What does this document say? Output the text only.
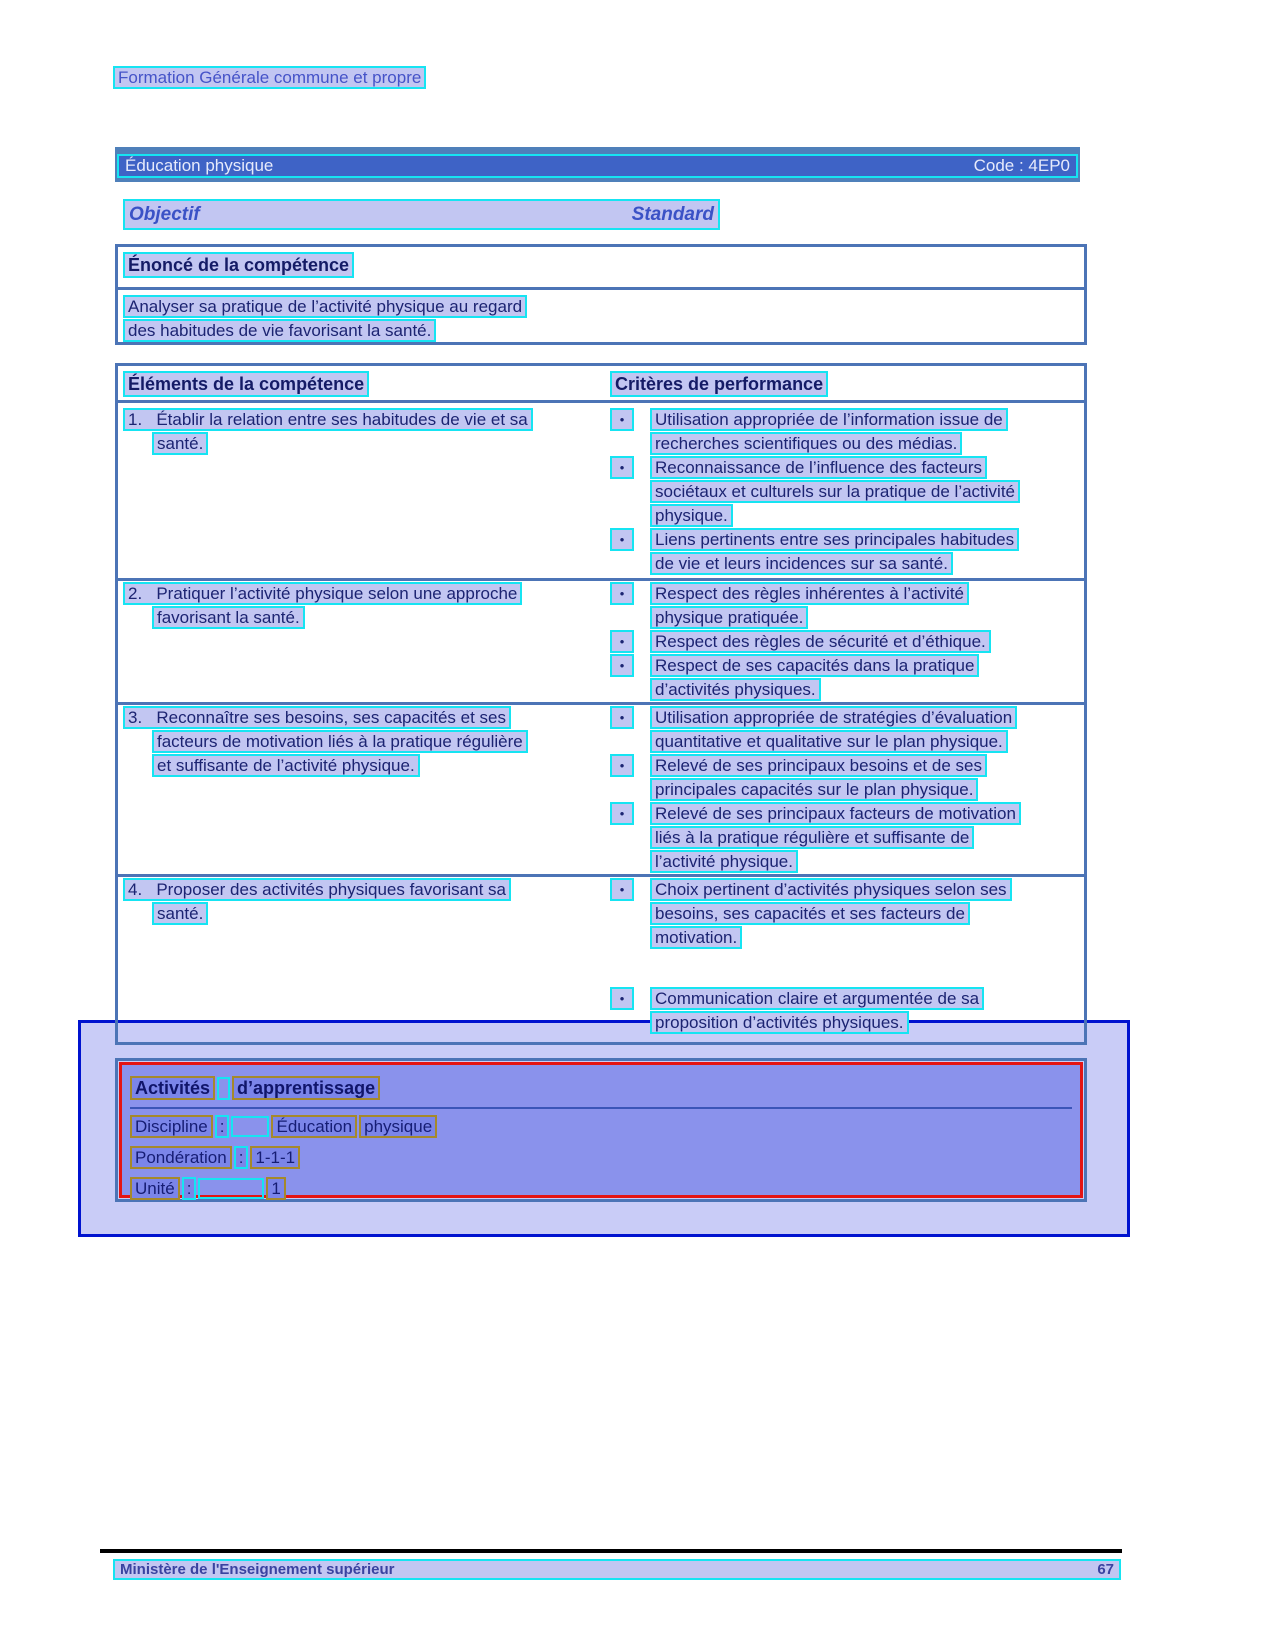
Formation Générale commune et propre
Éducation physique	Code : 4EP0
Objectif	Standard
Énoncé de la compétence
Analyser sa pratique de l’activité physique au regard
des habitudes de vie favorisant la santé.
Éléments de la compétence	Critères de performance
1.   Établir la relation entre ses habitudes de vie et sa
santé.
•	Utilisation appropriée de l’information issue de
recherches scientifiques ou des médias.
•	Reconnaissance de l’influence des facteurs
sociétaux et culturels sur la pratique de l’activité
physique.
•	Liens pertinents entre ses principales habitudes
de vie et leurs incidences sur sa santé.
2.   Pratiquer l’activité physique selon une approche
favorisant la santé.
•	Respect des règles inhérentes à l’activité
physique pratiquée.
•	Respect des règles de sécurité et d’éthique.
•	Respect de ses capacités dans la pratique
d’activités physiques.
3.   Reconnaître ses besoins, ses capacités et ses
facteurs de motivation liés à la pratique régulière
et suffisante de l’activité physique.
•	Utilisation appropriée de stratégies d’évaluation
quantitative et qualitative sur le plan physique.
•	Relevé de ses principaux besoins et de ses
principales capacités sur le plan physique.
•	Relevé de ses principaux facteurs de motivation
liés à la pratique régulière et suffisante de
l’activité physique.
4.   Proposer des activités physiques favorisant sa
santé.
•	Choix pertinent d’activités physiques selon ses
besoins, ses capacités et ses facteurs de
motivation.
•	Communication claire et argumentée de sa
proposition d’activités physiques.
Activités d’apprentissage
Discipline :	Éducation physique
Pondération : 1-1-1
Unité :	1
Ministère de l'Enseignement supérieur	67
